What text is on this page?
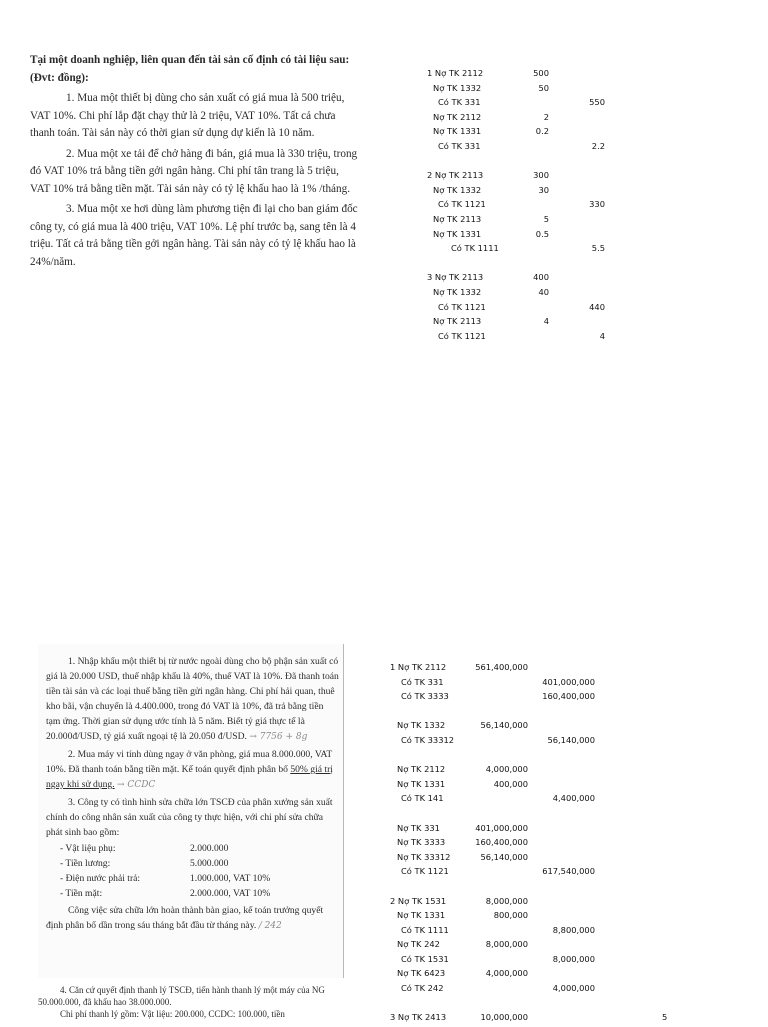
Tại một doanh nghiệp, liên quan đến tài sản cố định có tài liệu sau: (Đvt: đồng):

1. Mua một thiết bị dùng cho sản xuất có giá mua là 500 triệu, VAT 10%. Chi phí lắp đặt chạy thử là 2 triệu, VAT 10%. Tất cả chưa thanh toán. Tài sản này có thời gian sử dụng dự kiến là 10 năm.

2. Mua một xe tải để chở hàng đi bán, giá mua là 330 triệu, trong đó VAT 10% trả bằng tiền gởi ngân hàng. Chi phí tân trang là 5 triệu, VAT 10% trả bằng tiền mặt. Tài sản này có tỷ lệ khấu hao là 1% /tháng.

3. Mua một xe hơi dùng làm phương tiện đi lại cho ban giám đốc công ty, có giá mua là 400 triệu, VAT 10%. Lệ phí trước bạ, sang tên là 4 triệu. Tất cả trả bằng tiền gởi ngân hàng. Tài sản này có tỷ lệ khấu hao là 24%/năm.

1 Nợ TK 2112	500
Nợ TK 1332	50
Có TK 331	550
Nợ TK 2112	2
Nợ TK 1331	0.2
Có TK 331	2.2
2 Nợ TK 2113	300
Nợ TK 1332	30
Có TK 1121	330
Nợ TK 2113	5
Nợ TK 1331	0.5
Có TK 1111	5.5
3 Nợ TK 2113	400
Nợ TK 1332	40
Có TK 1121	440
Nợ TK 2113	4
Có TK 1121	4

1. Nhập khẩu một thiết bị từ nước ngoài dùng cho bộ phận sản xuất có giá là 20.000 USD, thuế nhập khẩu là 40%, thuế VAT là 10%. Đã thanh toán tiền tài sản và các loại thuế bằng tiền gửi ngân hàng. Chi phí hải quan, thuê kho bãi, vận chuyển là 4.400.000, trong đó VAT là 10%, đã trả bằng tiền tạm ứng. Thời gian sử dụng ước tính là 5 năm. Biết tỷ giá thực tế là 20.000đ/USD, tỷ giá xuất ngoại tệ là 20.050 đ/USD. → 7756 + 8g

2. Mua máy vi tính dùng ngay ở văn phòng, giá mua 8.000.000, VAT 10%. Đã thanh toán bằng tiền mặt. Kế toán quyết định phân bổ 50% giá trị ngay khi sử dụng. → CCDC

3. Công ty có tình hình sửa chữa lớn TSCĐ của phân xưởng sản xuất chính do công nhân sản xuất của công ty thực hiện, với chi phí sửa chữa phát sinh bao gồm:

- Vật liệu phụ:	2.000.000
- Tiền lương:	5.000.000
- Điện nước phải trả:	1.000.000, VAT 10%
- Tiền mặt:	2.000.000, VAT 10%

Công việc sửa chữa lớn hoàn thành bàn giao, kế toán trưởng quyết định phân bổ dần trong sáu tháng bắt đầu từ tháng này. / 242

4. Căn cứ quyết định thanh lý TSCĐ, tiến hành thanh lý một máy của NG 50.000.000, đã khấu hao 38.000.000.

Chi phí thanh lý gồm: Vật liệu: 200.000, CCDC: 100.000, tiền

1 Nợ TK 2112	561,400,000
Có TK 331	401,000,000
Có TK 3333	160,400,000
Nợ TK 1332	56,140,000
Có TK 33312	56,140,000
Nợ TK 2112	4,000,000
Nợ TK 1331	400,000
Có TK 141	4,400,000
Nợ TK 331	401,000,000
Nợ TK 3333	160,400,000
Nợ TK 33312	56,140,000
Có TK 1121	617,540,000
2 Nợ TK 1531	8,000,000
Nợ TK 1331	800,000
Có TK 1111	8,800,000
Nợ TK 242	8,000,000
Có TK 1531	8,000,000
Nợ TK 6423	4,000,000
Có TK 242	4,000,000
3 Nợ TK 2413	10,000,000	5
